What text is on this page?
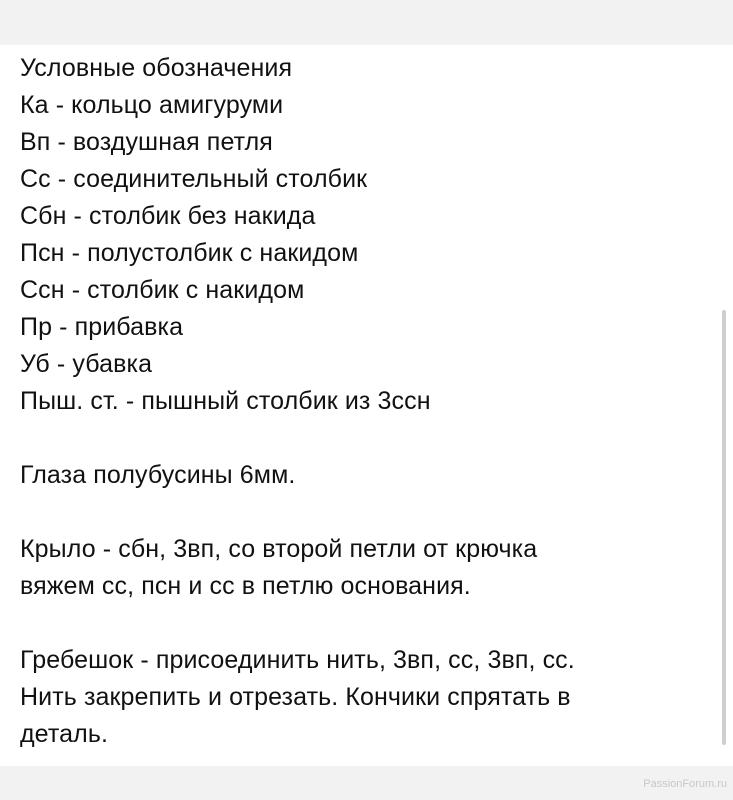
Условные обозначения
Ка - кольцо амигуруми
Вп - воздушная петля
Сс - соединительный столбик
Сбн - столбик без накида
Псн - полустолбик с накидом
Ссн - столбик с накидом
Пр - прибавка
Уб - убавка
Пыш. ст. - пышный столбик из 3ссн
Глаза полубусины 6мм.
Крыло - сбн, 3вп, со второй петли от крючка
вяжем сс, псн и сс в петлю основания.
Гребешок - присоединить нить, 3вп, сс, 3вп, сс.
Нить закрепить и отрезать. Кончики спрятать в
деталь.
PassionForum.ru
